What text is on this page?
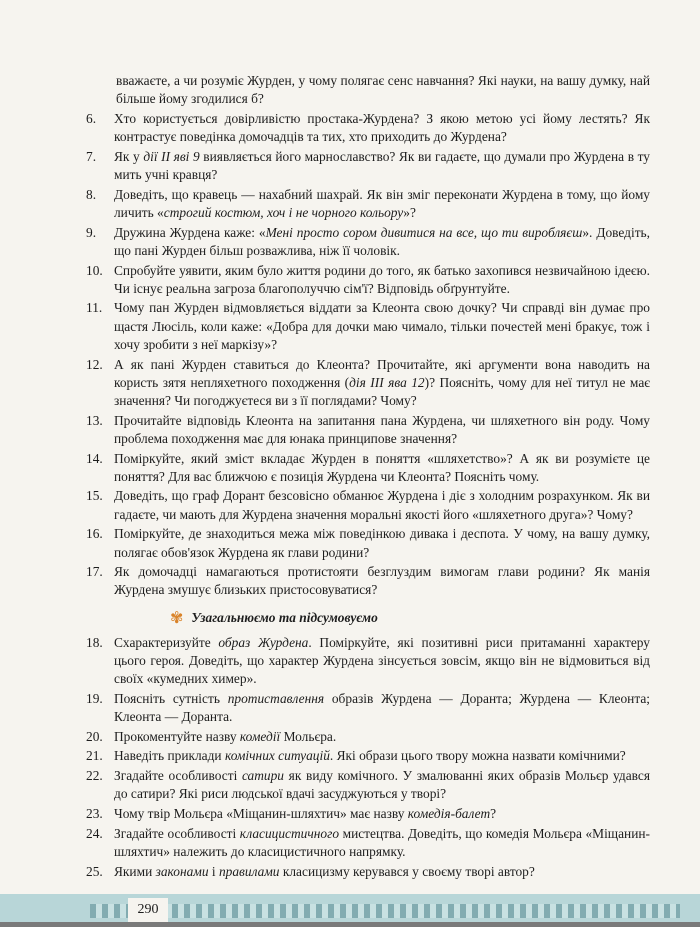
вважаєте, а чи розуміє Журден, у чому полягає сенс навчання? Які науки, на вашу думку, най більше йому згодилися б?
6.	Хто користується довірливістю простака-Журдена? З якою метою усі йому лестять? Як контрастує поведінка домочадців та тих, хто приходить до Журдена?
7.	Як у дії II яві 9 виявляється його марнославство? Як ви гадаєте, що думали про Журдена в ту мить учні кравця?
8.	Доведіть, що кравець — нахабний шахрай. Як він зміг переконати Журдена в тому, що йому личить «строгий костюм, хоч і не чорного кольору»?
9.	Дружина Журдена каже: «Мені просто сором дивитися на все, що ти виробляєш». Доведіть, що пані Журден більш розважлива, ніж її чоловік.
10. Спробуйте уявити, яким було життя родини до того, як батько захопився незвичайною ідеєю. Чи існує реальна загроза благополуччю сім'ї? Відповідь обґрунтуйте.
11. Чому пан Журден відмовляється віддати за Клеонта свою дочку? Чи справді він думає про щастя Люсіль, коли каже: «Добра для дочки маю чимало, тільки почестей мені бракує, тож і хочу зробити з неї маркізу»?
12. А як пані Журден ставиться до Клеонта? Прочитайте, які аргументи вона наводить на користь зятя непляхетного походження (дія III ява 12)? Поясніть, чому для неї титул не має значення? Чи погоджуєтеся ви з її поглядами? Чому?
13. Прочитайте відповідь Клеонта на запитання пана Журдена, чи шляхетного він роду. Чому проблема походження має для юнака принципове значення?
14. Поміркуйте, який зміст вкладає Журден в поняття «шляхетство»? А як ви розумієте це поняття? Для вас ближчою є позиція Журдена чи Клеонта? Поясніть чому.
15. Доведіть, що граф Дорант безсовісно обманює Журдена і діє з холодним розрахунком. Як ви гадаєте, чи мають для Журдена значення моральні якості його «шляхетного друга»? Чому?
16. Поміркуйте, де знаходиться межа між поведінкою дивака і деспота. У чому, на вашу думку, полягає обов'язок Журдена як глави родини?
17. Як домочадці намагаються протистояти безглуздим вимогам глави родини? Як манія Журдена змушує близьких пристосовуватися?
✾ Узагальнюємо та підсумовуємо
18. Схарактеризуйте образ Журдена. Поміркуйте, які позитивні риси притаманні характеру цього героя. Доведіть, що характер Журдена зінсується зовсім, якщо він не відмовиться від своїх «кумедних химер».
19. Поясніть сутність протиставлення образів Журдена — Доранта; Журдена — Клеонта; Клеонта — Доранта.
20. Прокоментуйте назву комедії Мольєра.
21. Наведіть приклади комічних ситуацій. Які образи цього твору можна назвати комічними?
22. Згадайте особливості сатири як виду комічного. У змалюванні яких образів Мольєр удався до сатири? Які риси людської вдачі засуджуються у творі?
23. Чому твір Мольєра «Міщанин-шляхтич» має назву комедія-балет?
24. Згадайте особливості класицистичного мистецтва. Доведіть, що комедія Мольєра «Міщанин-шляхтич» належить до класицистичного напрямку.
25. Якими законами і правилами класицизму керувався у своєму творі автор?
290
